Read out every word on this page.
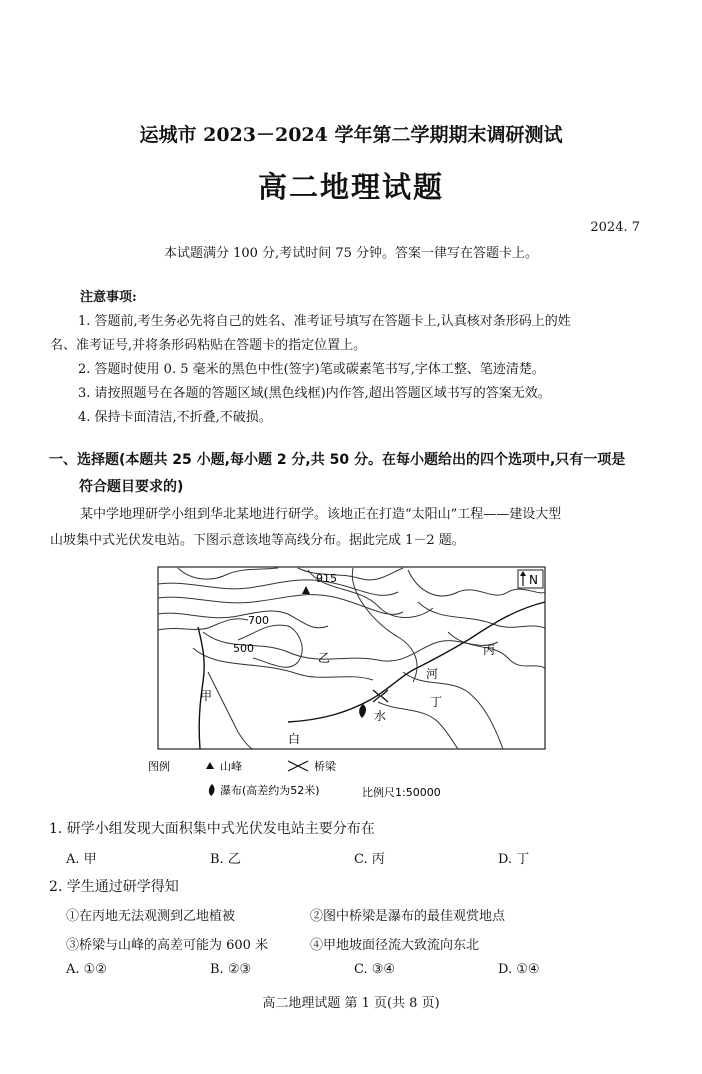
运城市 2023－2024 学年第二学期期末调研测试
高二地理试题
2024. 7
本试题满分 100 分,考试时间 75 分钟。答案一律写在答题卡上。
注意事项:
1. 答题前,考生务必先将自己的姓名、准考证号填写在答题卡上,认真核对条形码上的姓
名、准考证号,并将条形码粘贴在答题卡的指定位置上。
2. 答题时使用 0. 5 毫米的黑色中性(签字)笔或碳素笔书写,字体工整、笔迹清楚。
3. 请按照题号在各题的答题区域(黑色线框)内作答,超出答题区域书写的答案无效。
4. 保持卡面清洁,不折叠,不破损。
一、选择题(本题共 25 小题,每小题 2 分,共 50 分。在每小题给出的四个选项中,只有一项是
符合题目要求的)
某中学地理研学小组到华北某地进行研学。该地正在打造“太阳山”工程——建设大型
山坡集中式光伏发电站。下图示意该地等高线分布。据此完成 1－2 题。
N
915
700
500
乙
丙
河
甲	丁
水
白
图例	山峰	桥梁
瀑布(高差约为52米)	比例尺1:50000
1. 研学小组发现大面积集中式光伏发电站主要分布在
A. 甲	B. 乙	C. 丙	D. 丁
2. 学生通过研学得知
①在丙地无法观测到乙地植被	②图中桥梁是瀑布的最佳观赏地点
③桥梁与山峰的高差可能为 600 米	④甲地坡面径流大致流向东北
A. ①②	B. ②③	C. ③④	D. ①④
高二地理试题 第 1 页(共 8 页)
